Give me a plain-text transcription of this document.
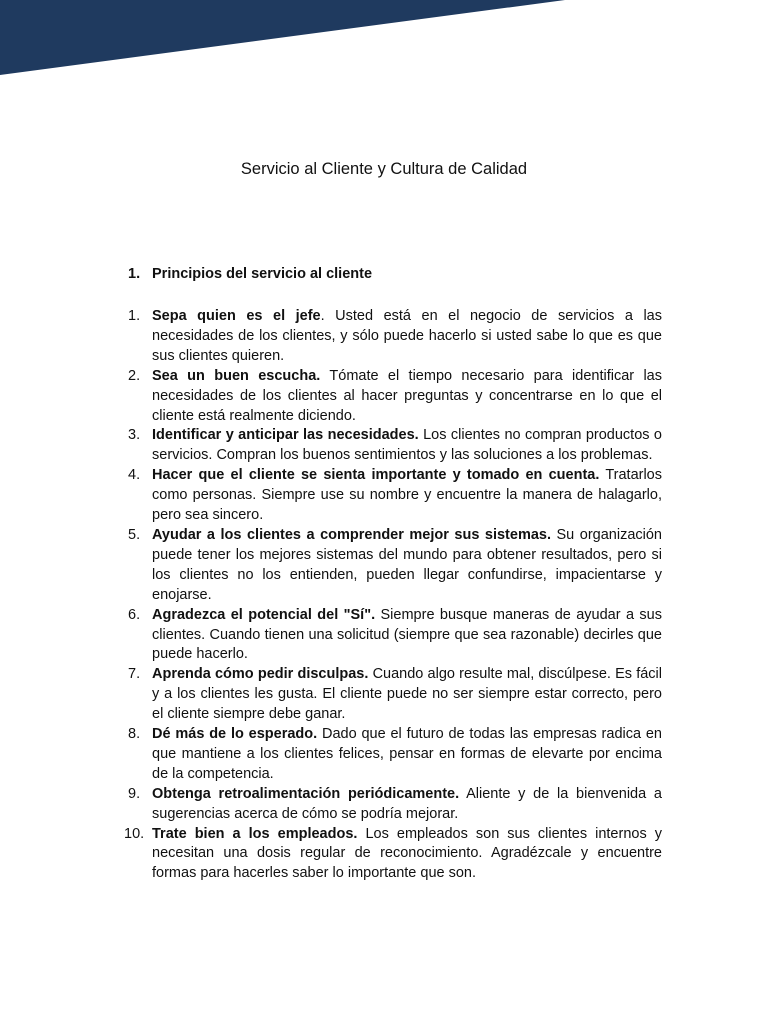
Servicio al Cliente y Cultura de Calidad
1. Principios del servicio al cliente
1. Sepa quien es el jefe. Usted está en el negocio de servicios a las necesidades de los clientes, y sólo puede hacerlo si usted sabe lo que es que sus clientes quieren.
2. Sea un buen escucha. Tómate el tiempo necesario para identificar las necesidades de los clientes al hacer preguntas y concentrarse en lo que el cliente está realmente diciendo.
3. Identificar y anticipar las necesidades. Los clientes no compran productos o servicios. Compran los buenos sentimientos y las soluciones a los problemas.
4. Hacer que el cliente se sienta importante y tomado en cuenta. Tratarlos como personas. Siempre use su nombre y encuentre la manera de halagarlo, pero sea sincero.
5. Ayudar a los clientes a comprender mejor sus sistemas. Su organización puede tener los mejores sistemas del mundo para obtener resultados, pero si los clientes no los entienden, pueden llegar confundirse, impacientarse y enojarse.
6. Agradezca el potencial del "Sí". Siempre busque maneras de ayudar a sus clientes. Cuando tienen una solicitud (siempre que sea razonable) decirles que puede hacerlo.
7. Aprenda cómo pedir disculpas. Cuando algo resulte mal, discúlpese. Es fácil y a los clientes les gusta. El cliente puede no ser siempre estar correcto, pero el cliente siempre debe ganar.
8. Dé más de lo esperado. Dado que el futuro de todas las empresas radica en que mantiene a los clientes felices, pensar en formas de elevarte por encima de la competencia.
9. Obtenga retroalimentación periódicamente. Aliente y de la bienvenida a sugerencias acerca de cómo se podría mejorar.
10. Trate bien a los empleados. Los empleados son sus clientes internos y necesitan una dosis regular de reconocimiento. Agradézcale y encuentre formas para hacerles saber lo importante que son.
